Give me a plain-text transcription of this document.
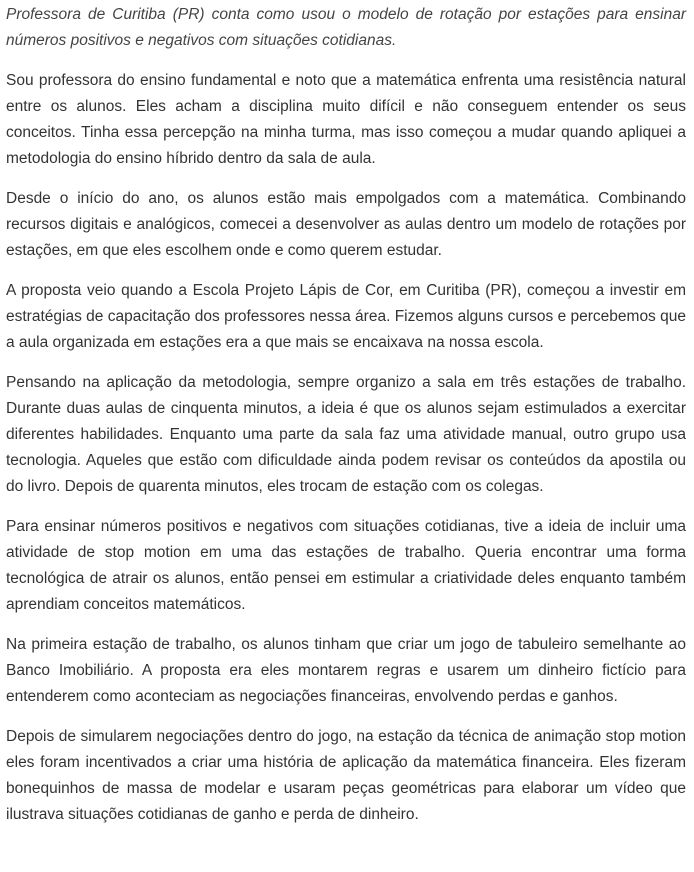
Professora de Curitiba (PR) conta como usou o modelo de rotação por estações para ensinar números positivos e negativos com situações cotidianas.

Sou professora do ensino fundamental e noto que a matemática enfrenta uma resistência natural entre os alunos. Eles acham a disciplina muito difícil e não conseguem entender os seus conceitos. Tinha essa percepção na minha turma, mas isso começou a mudar quando apliquei a metodologia do ensino híbrido dentro da sala de aula.

Desde o início do ano, os alunos estão mais empolgados com a matemática. Combinando recursos digitais e analógicos, comecei a desenvolver as aulas dentro um modelo de rotações por estações, em que eles escolhem onde e como querem estudar.

A proposta veio quando a Escola Projeto Lápis de Cor, em Curitiba (PR), começou a investir em estratégias de capacitação dos professores nessa área. Fizemos alguns cursos e percebemos que a aula organizada em estações era a que mais se encaixava na nossa escola.

Pensando na aplicação da metodologia, sempre organizo a sala em três estações de trabalho. Durante duas aulas de cinquenta minutos, a ideia é que os alunos sejam estimulados a exercitar diferentes habilidades. Enquanto uma parte da sala faz uma atividade manual, outro grupo usa tecnologia. Aqueles que estão com dificuldade ainda podem revisar os conteúdos da apostila ou do livro. Depois de quarenta minutos, eles trocam de estação com os colegas.

Para ensinar números positivos e negativos com situações cotidianas, tive a ideia de incluir uma atividade de stop motion em uma das estações de trabalho. Queria encontrar uma forma tecnológica de atrair os alunos, então pensei em estimular a criatividade deles enquanto também aprendiam conceitos matemáticos.

Na primeira estação de trabalho, os alunos tinham que criar um jogo de tabuleiro semelhante ao Banco Imobiliário. A proposta era eles montarem regras e usarem um dinheiro fictício para entenderem como aconteciam as negociações financeiras, envolvendo perdas e ganhos.

Depois de simularem negociações dentro do jogo, na estação da técnica de animação stop motion eles foram incentivados a criar uma história de aplicação da matemática financeira. Eles fizeram bonequinhos de massa de modelar e usaram peças geométricas para elaborar um vídeo que ilustrava situações cotidianas de ganho e perda de dinheiro.
